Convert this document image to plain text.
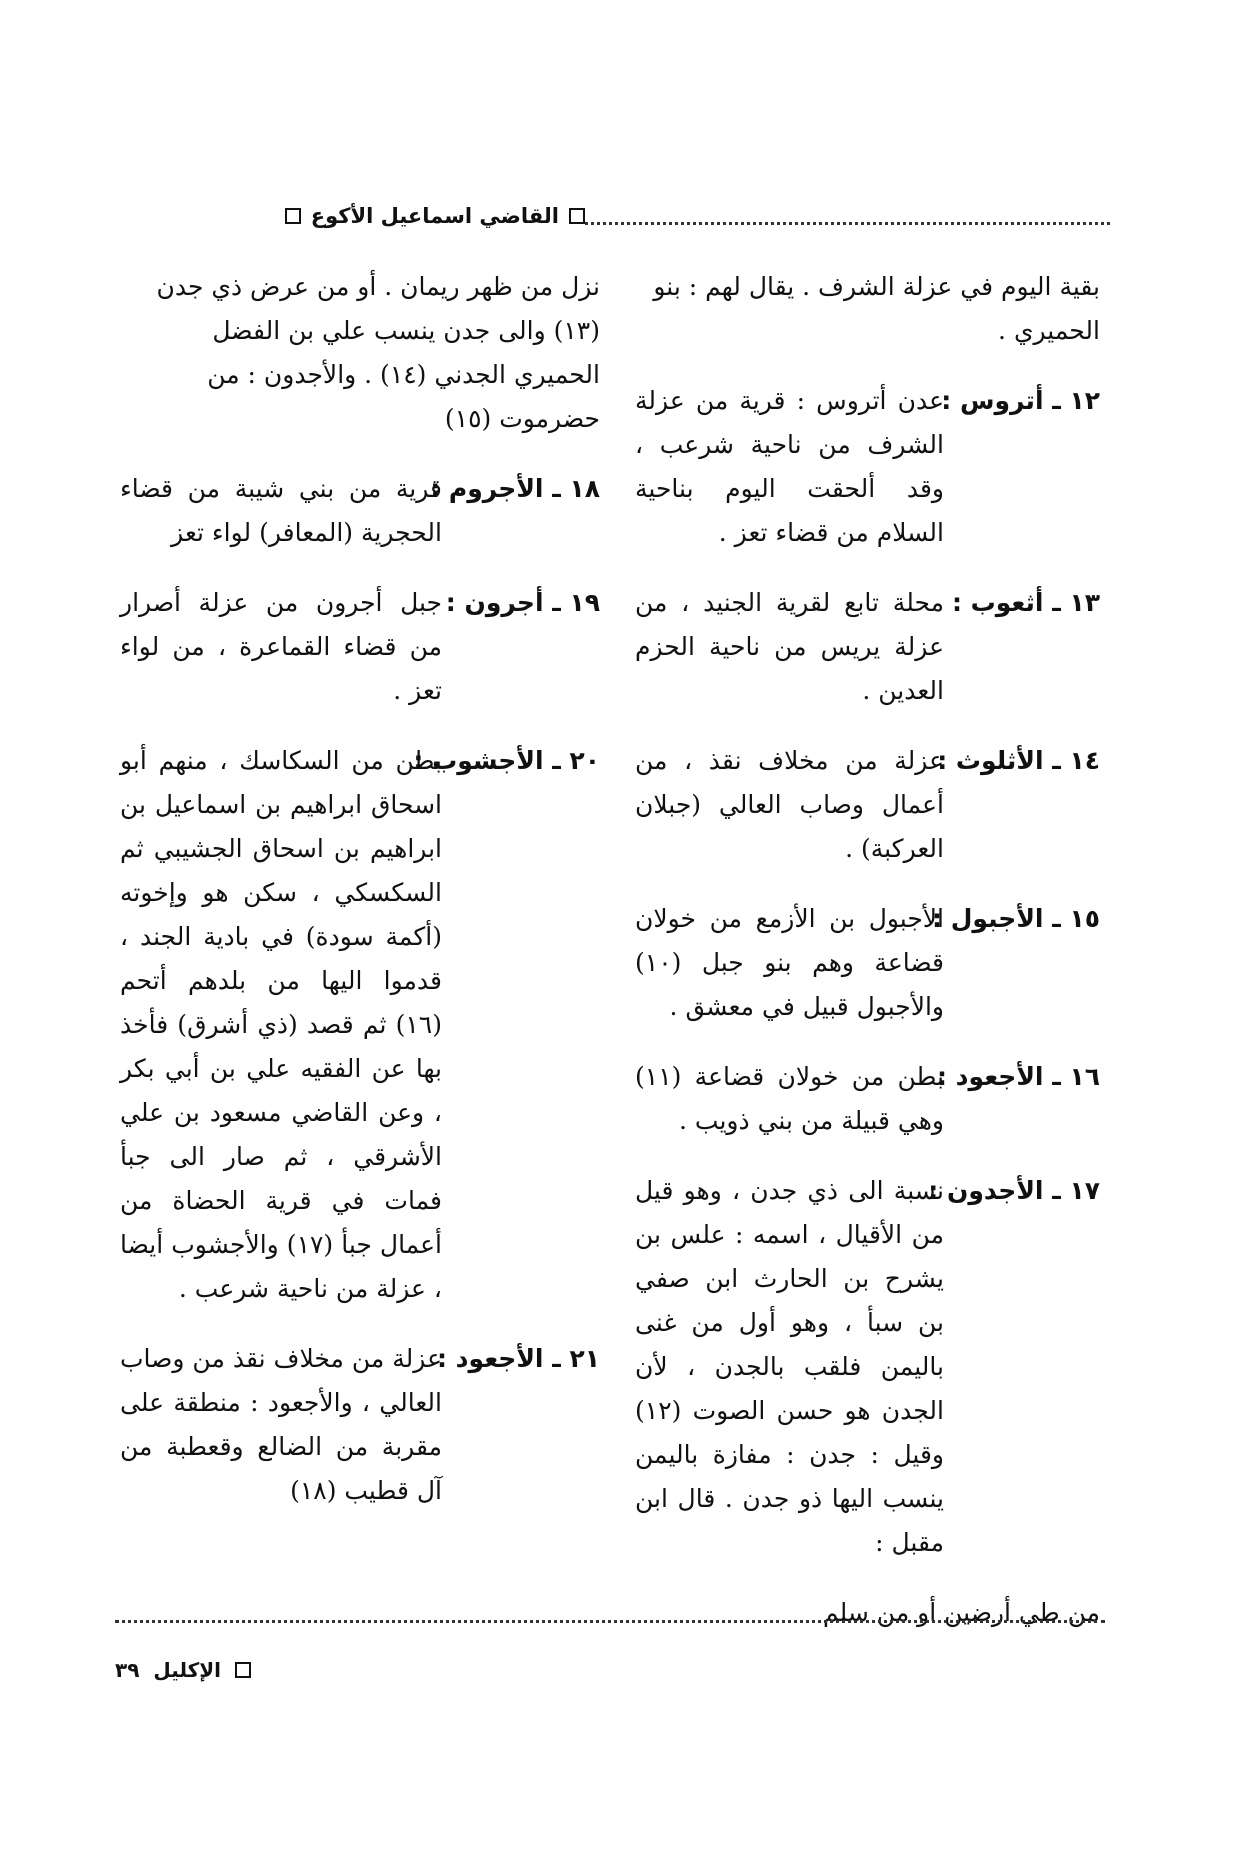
القاضي اسماعيل الأكوع
بقية اليوم في عزلة الشرف . يقال لهم : بنو الحميري .
١٢ ـ أتروس :
عدن أتروس : قرية من عزلة الشرف من ناحية شرعب ، وقد ألحقت اليوم بناحية السلام من قضاء تعز .
١٣ ـ أثعوب :
محلة تابع لقرية الجنيد ، من عزلة يريس من ناحية الحزم العدين .
١٤ ـ الأثلوث :
عزلة من مخلاف نقذ ، من أعمال وصاب العالي (جبلان العركبة) .
١٥ ـ الأجبول :
الأجبول بن الأزمع من خولان قضاعة وهم بنو جبل (١٠) والأجبول قبيل في معشق .
١٦ ـ الأجعود :
بطن من خولان قضاعة (١١) وهي قبيلة من بني ذويب .
١٧ ـ الأجدون :
نسبة الى ذي جدن ، وهو قيل من الأقيال ، اسمه : علس بن يشرح بن الحارث ابن صفي بن سبأ ، وهو أول من غنى باليمن فلقب بالجدن ، لأن الجدن هو حسن الصوت (١٢) وقيل : جدن : مفازة باليمن ينسب اليها ذو جدن . قال ابن مقبل :
من طي أرضين أو من سلم
نزل من ظهر ريمان . أو من عرض ذي جدن (١٣) والى جدن ينسب علي بن الفضل الحميري الجدني (١٤) . والأجدون : من حضرموت (١٥)
١٨ ـ الأجروم :
قرية من بني شيبة من قضاء الحجرية (المعافر) لواء تعز
١٩ ـ أجرون :
جبل أجرون من عزلة أصرار من قضاء القماعرة ، من لواء تعز .
٢٠ ـ الأجشوب :
بطن من السكاسك ، منهم أبو اسحاق ابراهيم بن اسماعيل بن ابراهيم بن اسحاق الجشيبي ثم السكسكي ، سكن هو وإخوته (أكمة سودة) في بادية الجند ، قدموا اليها من بلدهم أتحم (١٦) ثم قصد (ذي أشرق) فأخذ بها عن الفقيه علي بن أبي بكر ، وعن القاضي مسعود بن علي الأشرقي ، ثم صار الى جبأ فمات في قرية الحضاة من أعمال جبأ (١٧) والأجشوب أيضا ، عزلة من ناحية شرعب .
٢١ ـ الأجعود :
عزلة من مخلاف نقذ من وصاب العالي ، والأجعود : منطقة على مقربة من الضالع وقعطبة من آل قطيب (١٨)
٣٩ الإكليل
